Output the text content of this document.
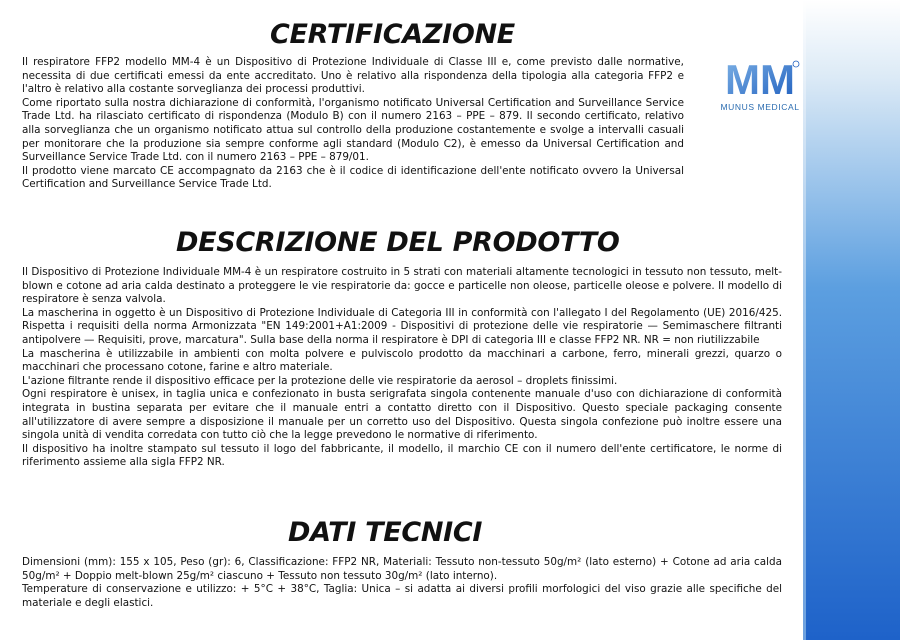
CERTIFICAZIONE

Il respiratore FFP2 modello MM-4 è un Dispositivo di Protezione Individuale di Classe III e, come previsto dalle normative, necessita di due certificati emessi da ente accreditato. Uno è relativo alla rispondenza della tipologia alla categoria FFP2 e l'altro è relativo alla costante sorveglianza dei processi produttivi.

Come riportato sulla nostra dichiarazione di conformità, l'organismo notificato Universal Certification and Surveillance Service Trade Ltd. ha rilasciato certificato di rispondenza (Modulo B) con il numero 2163 – PPE – 879. Il secondo certificato, relativo alla sorveglianza che un organismo notificato attua sul controllo della produzione costantemente e svolge a intervalli casuali per monitorare che la produzione sia sempre conforme agli standard (Modulo C2), è emesso da Universal Certification and Surveillance Service Trade Ltd. con il numero 2163 – PPE – 879/01.

Il prodotto viene marcato CE accompagnato da 2163 che è il codice di identificazione dell'ente notificato ovvero la Universal Certification and Surveillance Service Trade Ltd.

MM
MUNUS MEDICAL
DESCRIZIONE DEL PRODOTTO

Il Dispositivo di Protezione Individuale MM-4 è un respiratore costruito in 5 strati con materiali altamente tecnologici in tessuto non tessuto, melt-blown e cotone ad aria calda destinato a proteggere le vie respiratorie da: gocce e particelle non oleose, particelle oleose e polvere. Il modello di respiratore è senza valvola.

La mascherina in oggetto è un Dispositivo di Protezione Individuale di Categoria III in conformità con l'allegato I del Regolamento (UE) 2016/425. Rispetta i requisiti della norma Armonizzata "EN 149:2001+A1:2009 - Dispositivi di protezione delle vie respiratorie — Semimaschere filtranti antipolvere — Requisiti, prove, marcatura". Sulla base della norma il respiratore è DPI di categoria III e classe FFP2 NR. NR = non riutilizzabile

La mascherina è utilizzabile in ambienti con molta polvere e pulviscolo prodotto da macchinari a carbone, ferro, minerali grezzi, quarzo o macchinari che processano cotone, farine e altro materiale.

L'azione filtrante rende il dispositivo efficace per la protezione delle vie respiratorie da aerosol – droplets finissimi.

Ogni respiratore è unisex, in taglia unica e confezionato in busta serigrafata singola contenente manuale d'uso con dichiarazione di conformità integrata in bustina separata per evitare che il manuale entri a contatto diretto con il Dispositivo. Questo speciale packaging consente all'utilizzatore di avere sempre a disposizione il manuale per un corretto uso del Dispositivo. Questa singola confezione può inoltre essere una singola unità di vendita corredata con tutto ciò che la legge prevedono le normative di riferimento.

Il dispositivo ha inoltre stampato sul tessuto il logo del fabbricante, il modello, il marchio CE con il numero dell'ente certificatore, le norme di riferimento assieme alla sigla FFP2 NR.

DATI TECNICI

Dimensioni (mm): 155 x 105, Peso (gr): 6, Classificazione: FFP2 NR, Materiali: Tessuto non-tessuto 50g/m² (lato esterno) + Cotone ad aria calda 50g/m² + Doppio melt-blown 25g/m² ciascuno + Tessuto non tessuto 30g/m² (lato interno).

Temperature di conservazione e utilizzo: + 5°C + 38°C, Taglia: Unica – si adatta ai diversi profili morfologici del viso grazie alle specifiche del materiale e degli elastici.
